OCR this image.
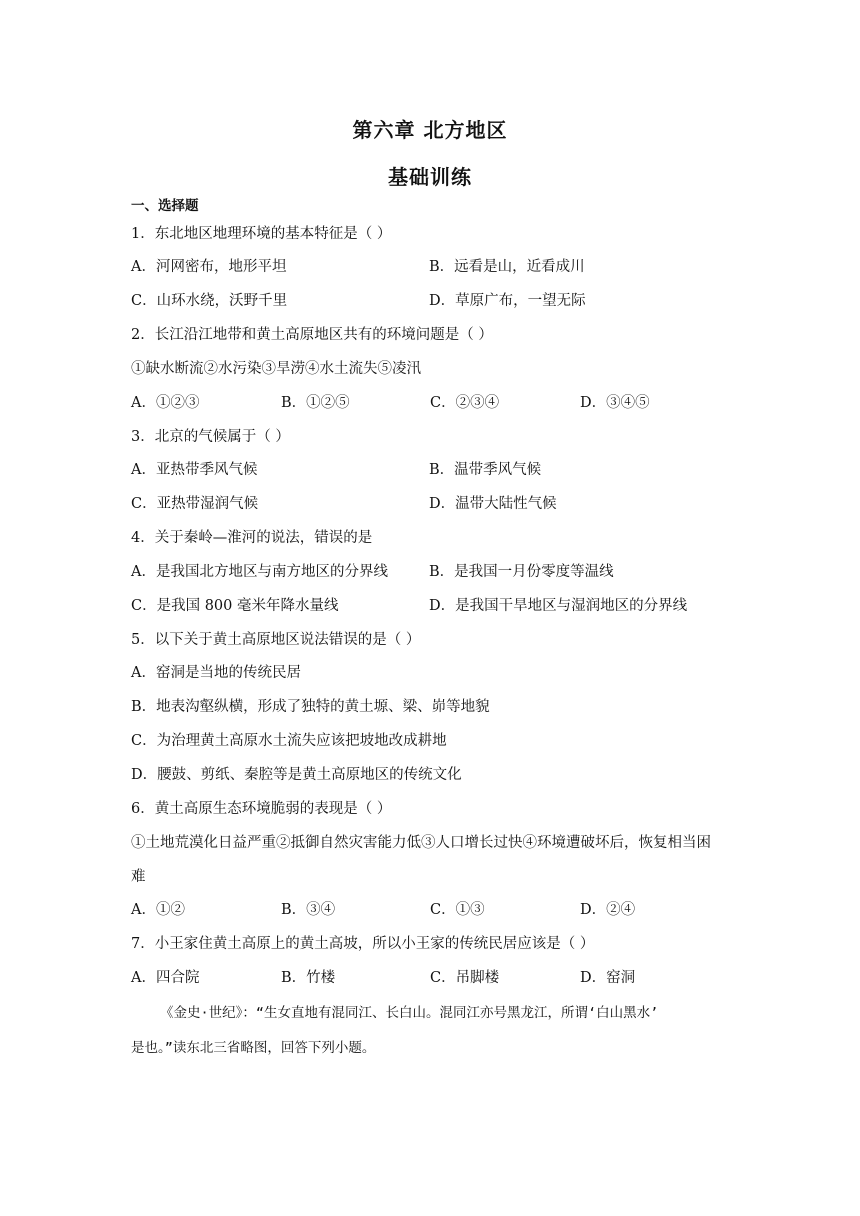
第六章 北方地区
基础训练
一、选择题
1．东北地区地理环境的基本特征是（ ）
A．河网密布，地形平坦	B．远看是山，近看成川
C．山环水绕，沃野千里	D．草原广布，一望无际
2．长江沿江地带和黄土高原地区共有的环境问题是（ ）
①缺水断流②水污染③旱涝④水土流失⑤凌汛
A．①②③	B．①②⑤	C．②③④	D．③④⑤
3．北京的气候属于（ ）
A．亚热带季风气候	B．温带季风气候
C．亚热带湿润气候	D．温带大陆性气候
4．关于秦岭—淮河的说法，错误的是
A．是我国北方地区与南方地区的分界线	B．是我国一月份零度等温线
C．是我国 800 毫米年降水量线	D．是我国干旱地区与湿润地区的分界线
5．以下关于黄土高原地区说法错误的是（ ）
A．窑洞是当地的传统民居
B．地表沟壑纵横，形成了独特的黄土塬、梁、峁等地貌
C．为治理黄土高原水土流失应该把坡地改成耕地
D．腰鼓、剪纸、秦腔等是黄土高原地区的传统文化
6．黄土高原生态环境脆弱的表现是（ ）
①土地荒漠化日益严重②抵御自然灾害能力低③人口增长过快④环境遭破坏后，恢复相当困
难
A．①②	B．③④	C．①③	D．②④
7．小王家住黄土高原上的黄土高坡，所以小王家的传统民居应该是（ ）
A．四合院	B．竹楼	C．吊脚楼	D．窑洞
《金史·世纪》：“生女直地有混同江、长白山。混同江亦号黑龙江，所谓‘白山黑水’
是也。”读东北三省略图，回答下列小题。
